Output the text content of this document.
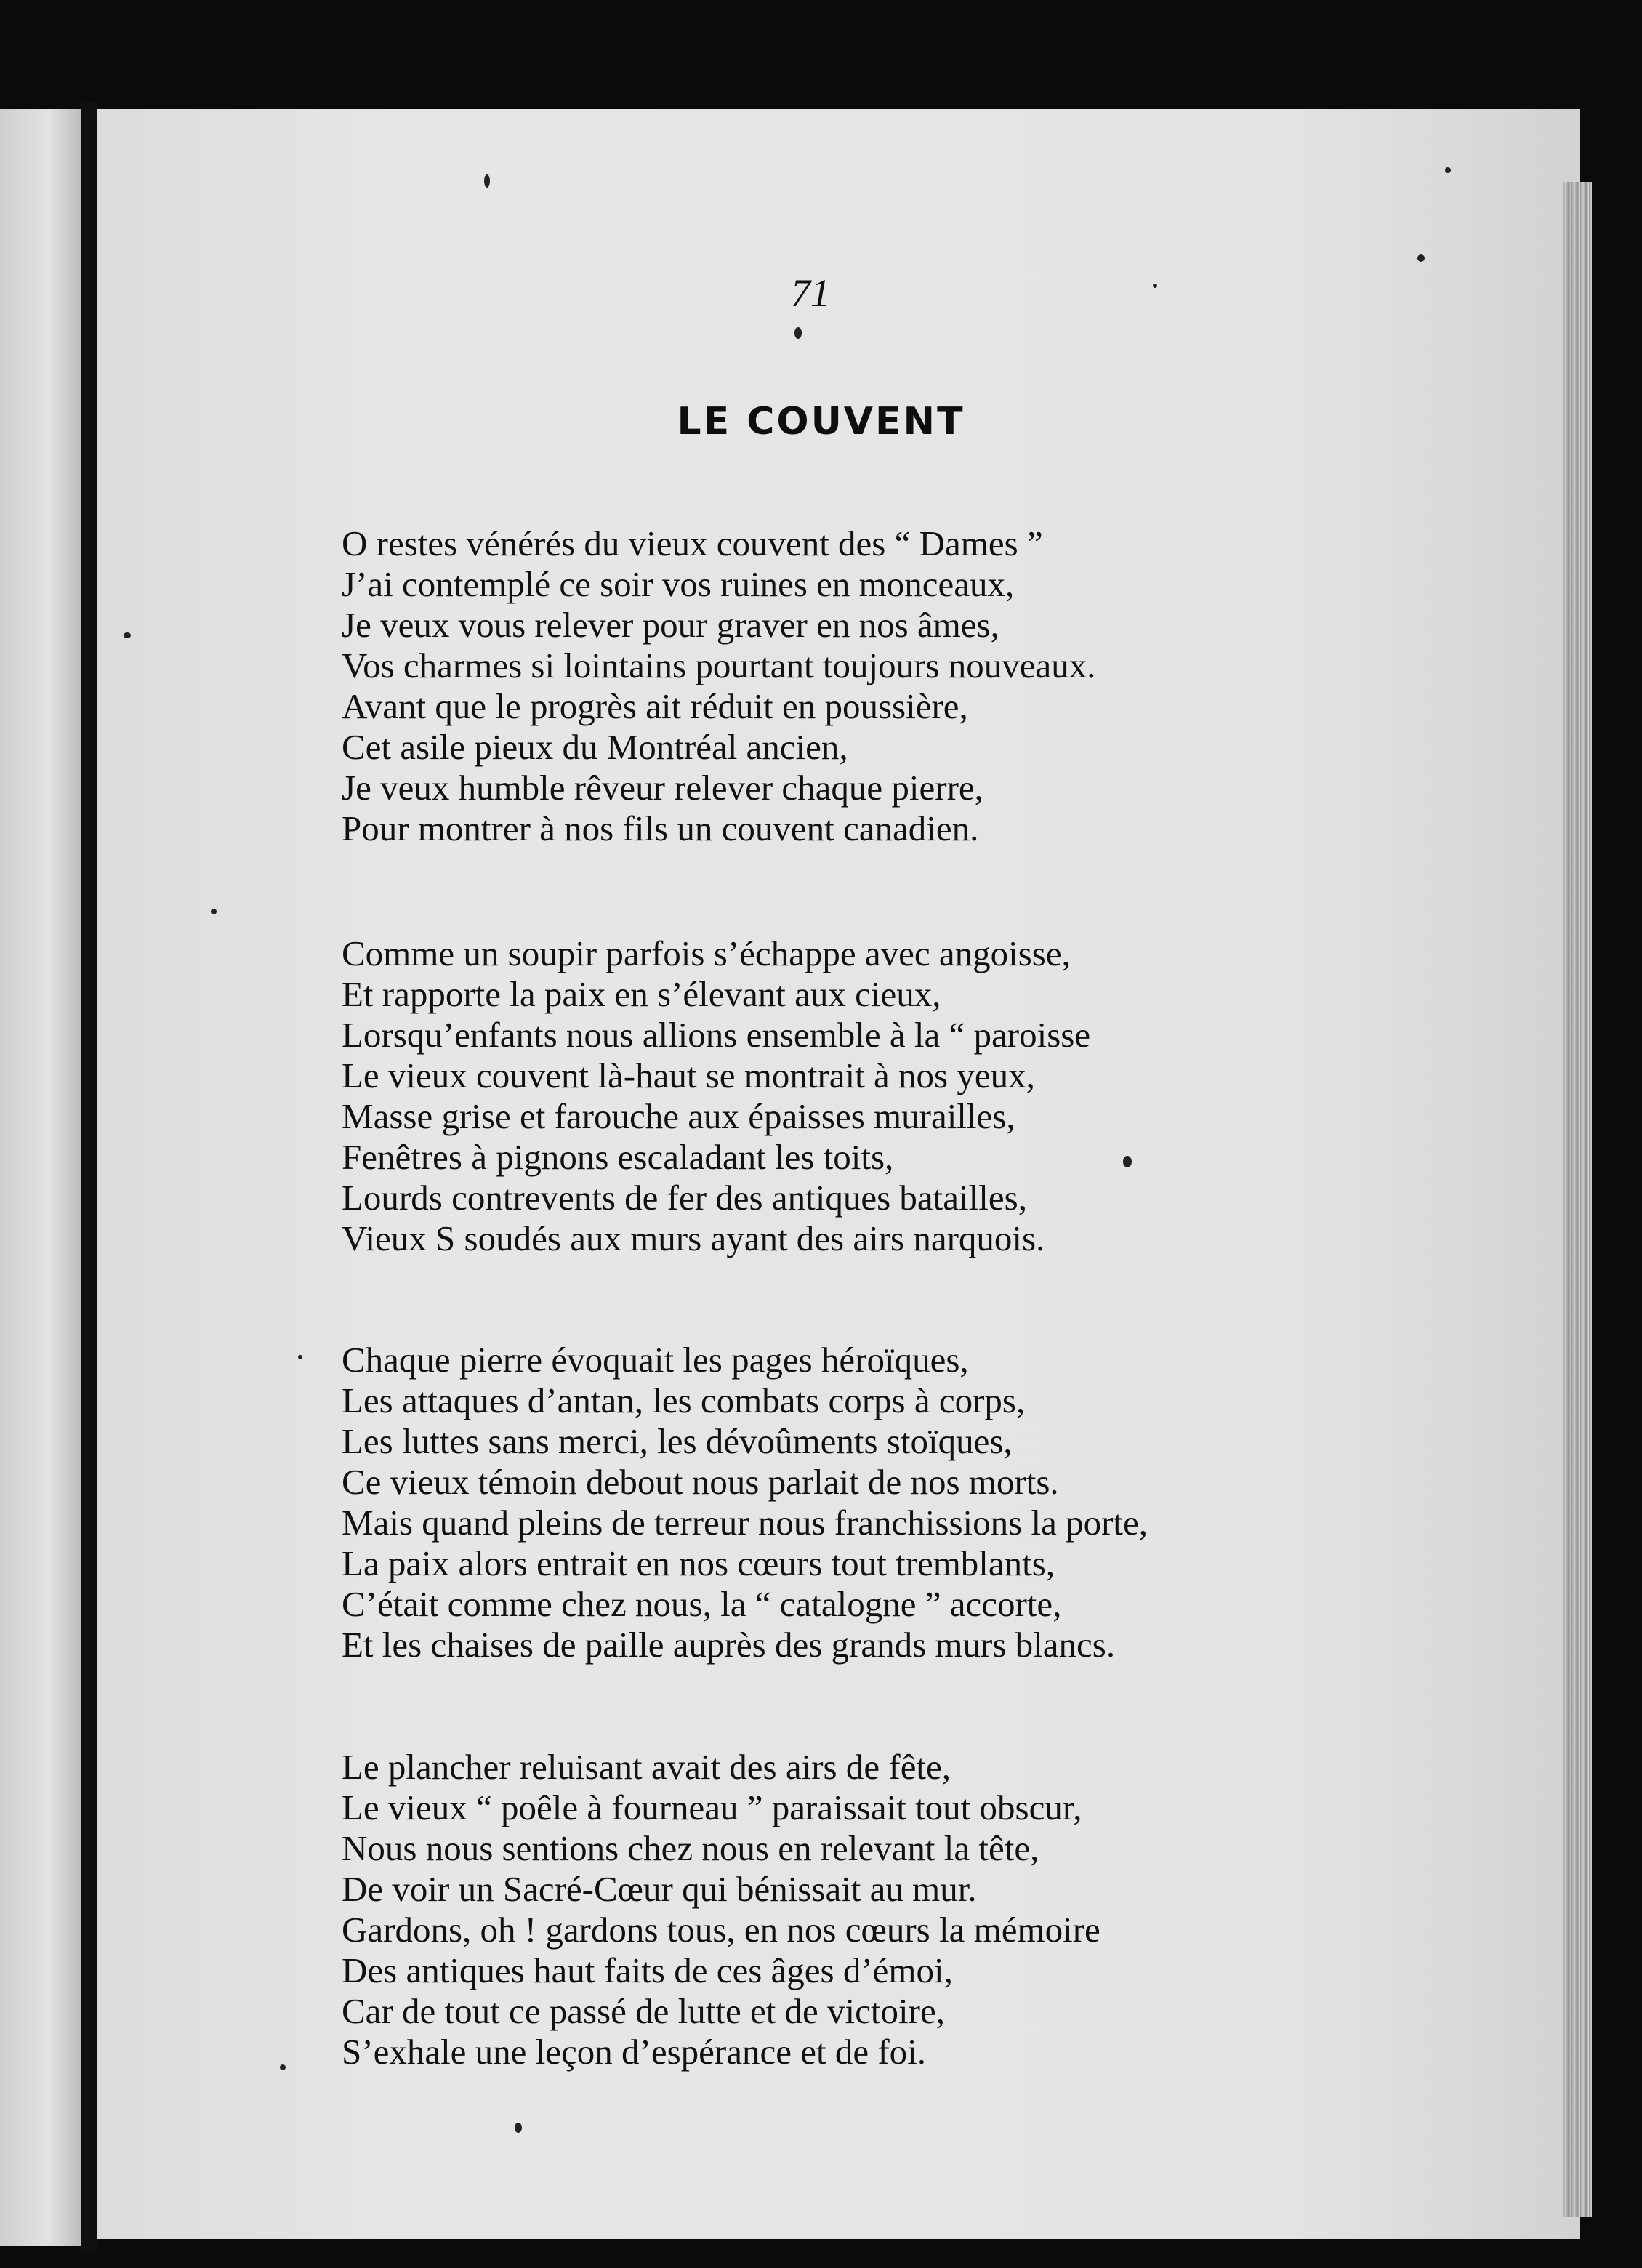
71
LE COUVENT
O restes vénérés du vieux couvent des “ Dames ”
J’ai contemplé ce soir vos ruines en monceaux,
Je veux vous relever pour graver en nos âmes,
Vos charmes si lointains pourtant toujours nouveaux.
Avant que le progrès ait réduit en poussière,
Cet asile pieux du Montréal ancien,
Je veux humble rêveur relever chaque pierre,
Pour montrer à nos fils un couvent canadien.
Comme un soupir parfois s’échappe avec angoisse,
Et rapporte la paix en s’élevant aux cieux,
Lorsqu’enfants nous allions ensemble à la “ paroisse
Le vieux couvent là-haut se montrait à nos yeux,
Masse grise et farouche aux épaisses murailles,
Fenêtres à pignons escaladant les toits,
Lourds contrevents de fer des antiques batailles,
Vieux S soudés aux murs ayant des airs narquois.
Chaque pierre évoquait les pages héroïques,
Les attaques d’antan, les combats corps à corps,
Les luttes sans merci, les dévoûments stoïques,
Ce vieux témoin debout nous parlait de nos morts.
Mais quand pleins de terreur nous franchissions la porte,
La paix alors entrait en nos cœurs tout tremblants,
C’était comme chez nous, la “ catalogne ” accorte,
Et les chaises de paille auprès des grands murs blancs.
Le plancher reluisant avait des airs de fête,
Le vieux “ poêle à fourneau ” paraissait tout obscur,
Nous nous sentions chez nous en relevant la tête,
De voir un Sacré-Cœur qui bénissait au mur.
Gardons, oh ! gardons tous, en nos cœurs la mémoire
Des antiques haut faits de ces âges d’émoi,
Car de tout ce passé de lutte et de victoire,
S’exhale une leçon d’espérance et de foi.
